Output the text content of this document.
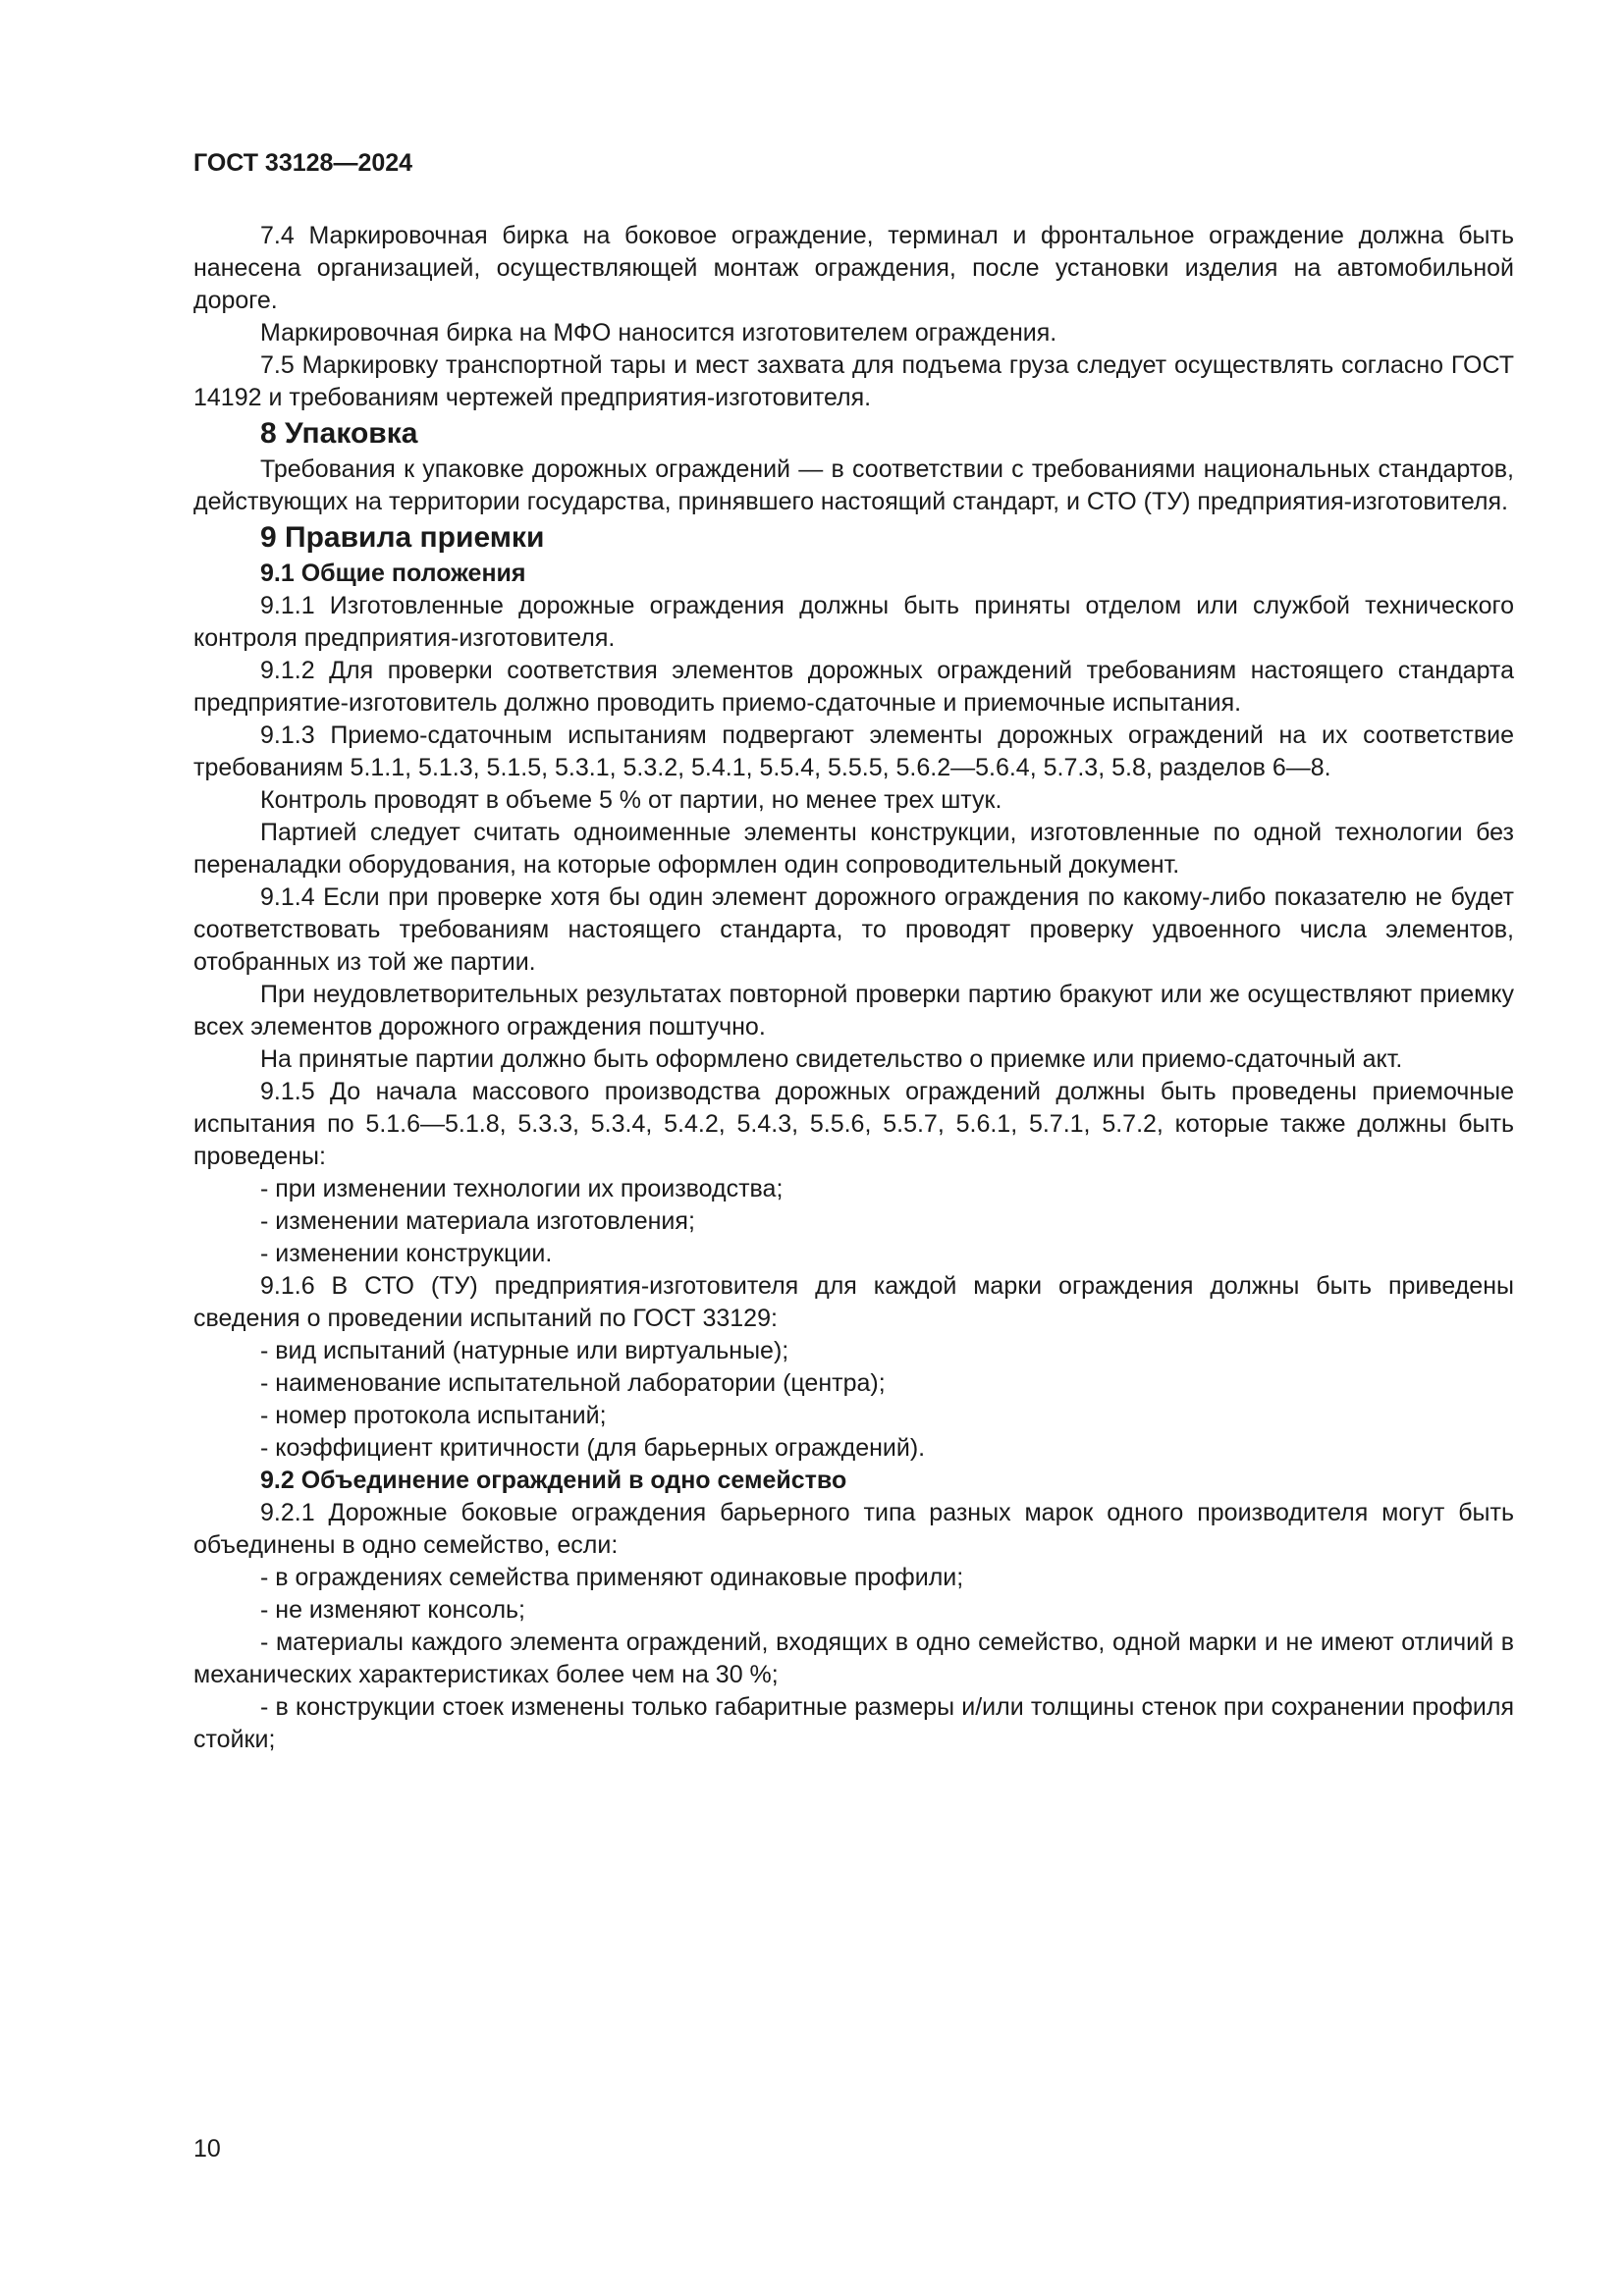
ГОСТ 33128—2024

7.4 Маркировочная бирка на боковое ограждение, терминал и фронтальное ограждение должна быть нанесена организацией, осуществляющей монтаж ограждения, после установки изделия на автомобильной дороге.

Маркировочная бирка на МФО наносится изготовителем ограждения.

7.5 Маркировку транспортной тары и мест захвата для подъема груза следует осуществлять согласно ГОСТ 14192 и требованиям чертежей предприятия-изготовителя.

8 Упаковка

Требования к упаковке дорожных ограждений — в соответствии с требованиями национальных стандартов, действующих на территории государства, принявшего настоящий стандарт, и СТО (ТУ) предприятия-изготовителя.

9 Правила приемки
9.1 Общие положения

9.1.1 Изготовленные дорожные ограждения должны быть приняты отделом или службой технического контроля предприятия-изготовителя.

9.1.2 Для проверки соответствия элементов дорожных ограждений требованиям настоящего стандарта предприятие-изготовитель должно проводить приемо-сдаточные и приемочные испытания.

9.1.3 Приемо-сдаточным испытаниям подвергают элементы дорожных ограждений на их соответствие требованиям 5.1.1, 5.1.3, 5.1.5, 5.3.1, 5.3.2, 5.4.1, 5.5.4, 5.5.5, 5.6.2—5.6.4, 5.7.3, 5.8, разделов 6—8.

Контроль проводят в объеме 5 % от партии, но менее трех штук.

Партией следует считать одноименные элементы конструкции, изготовленные по одной технологии без переналадки оборудования, на которые оформлен один сопроводительный документ.

9.1.4 Если при проверке хотя бы один элемент дорожного ограждения по какому-либо показателю не будет соответствовать требованиям настоящего стандарта, то проводят проверку удвоенного числа элементов, отобранных из той же партии.

При неудовлетворительных результатах повторной проверки партию бракуют или же осуществляют приемку всех элементов дорожного ограждения поштучно.

На принятые партии должно быть оформлено свидетельство о приемке или приемо-сдаточный акт.

9.1.5 До начала массового производства дорожных ограждений должны быть проведены приемочные испытания по 5.1.6—5.1.8, 5.3.3, 5.3.4, 5.4.2, 5.4.3, 5.5.6, 5.5.7, 5.6.1, 5.7.1, 5.7.2, которые также должны быть проведены:

- при изменении технологии их производства;

- изменении материала изготовления;

- изменении конструкции.

9.1.6 В СТО (ТУ) предприятия-изготовителя для каждой марки ограждения должны быть приведены сведения о проведении испытаний по ГОСТ 33129:

- вид испытаний (натурные или виртуальные);

- наименование испытательной лаборатории (центра);

- номер протокола испытаний;

- коэффициент критичности (для барьерных ограждений).

9.2 Объединение ограждений в одно семейство

9.2.1 Дорожные боковые ограждения барьерного типа разных марок одного производителя могут быть объединены в одно семейство, если:

- в ограждениях семейства применяют одинаковые профили;

- не изменяют консоль;

- материалы каждого элемента ограждений, входящих в одно семейство, одной марки и не имеют отличий в механических характеристиках более чем на 30 %;

- в конструкции стоек изменены только габаритные размеры и/или толщины стенок при сохранении профиля стойки;

10
